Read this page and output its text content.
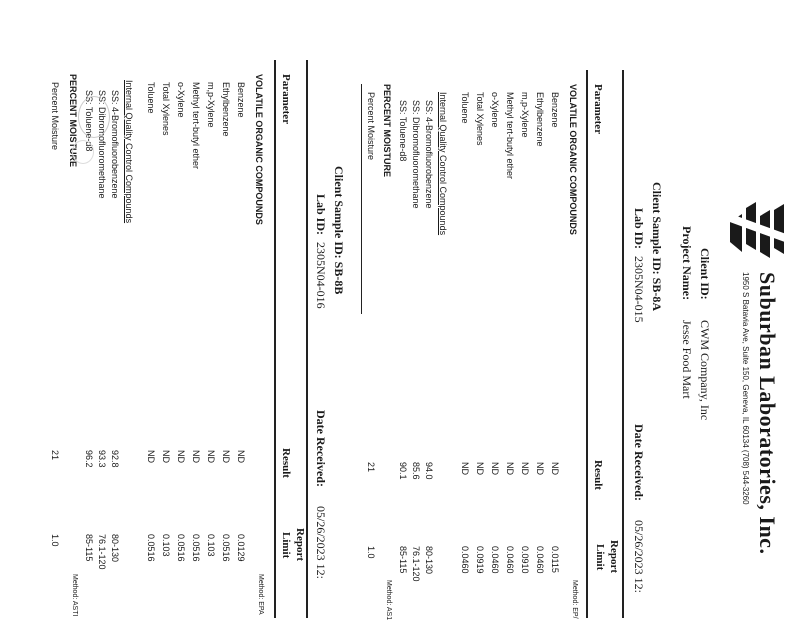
Suburban Laboratories, Inc.
1950 S Batavia Ave, Suite 150, Geneva, IL 60134 (708) 544-3260
Client ID:
CWM Company, Inc
Project Name:
Jesse Food Mart
Client Sample ID: SB-8A
Lab ID:
2305N04-015
Date Received:
05/26/2023 12:
Parameter
Result
Report
Limit
VOLATILE ORGANIC COMPOUNDS
Method: EP/
Benzene
ND
0.0115
Ethylbenzene
ND
0.0460
m,p-Xylene
ND
0.0910
Methyl tert-butyl ether
ND
0.0460
o-Xylene
ND
0.0460
Total Xylenes
ND
0.0919
Toluene
ND
0.0460
Internal Quality Control Compounds
SS: 4-Bromofluorobenzene
94.0
80-130
SS: Dibromofluoromethane
85.6
76.1-120
SS: Toluene-d8
90.1
85-115
PERCENT MOISTURE
Method: AS1
Percent Moisture
21
1.0
Client Sample ID: SB-8B
Lab ID:
2305N04-016
Date Received:
05/26/2023 12:
Parameter
Result
Report
Limit
VOLATILE ORGANIC COMPOUNDS
Method: EPA
Benzene
ND
0.0129
Ethylbenzene
ND
0.0516
m,p-Xylene
ND
0.103
Methyl tert-butyl ether
ND
0.0516
o-Xylene
ND
0.0516
Total Xylenes
ND
0.103
Toluene
ND
0.0516
Internal Quality Control Compounds
SS: 4-Bromofluorobenzene
92.8
80-130
SS: Dibromofluoromethane
93.3
76.1-120
SS: Toluene-d8
96.2
85-115
PERCENT MOISTURE
Method: ASTI
Percent Moisture
21
1.0
